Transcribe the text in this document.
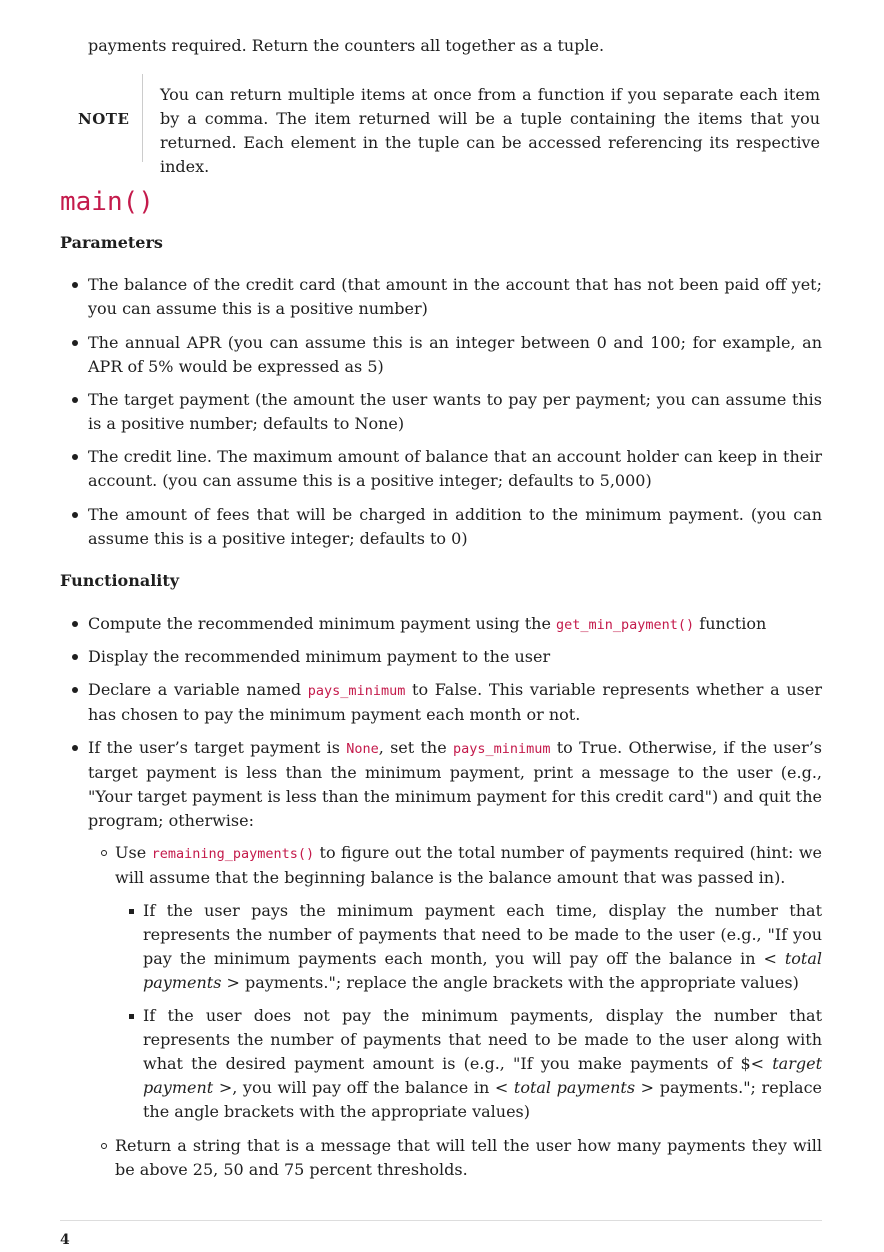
payments required. Return the counters all together as a tuple.

NOTE

You can return multiple items at once from a function if you separate each item by a comma. The item returned will be a tuple containing the items that you returned. Each element in the tuple can be accessed referencing its respective index.

main()
Parameters

The balance of the credit card (that amount in the account that has not been paid off yet; you can assume this is a positive number)

The annual APR (you can assume this is an integer between 0 and 100; for example, an APR of 5% would be expressed as 5)

The target payment (the amount the user wants to pay per payment; you can assume this is a positive number; defaults to None)

The credit line. The maximum amount of balance that an account holder can keep in their account. (you can assume this is a positive integer; defaults to 5,000)

The amount of fees that will be charged in addition to the minimum payment. (you can assume this is a positive integer; defaults to 0)

Functionality

Compute the recommended minimum payment using the get_min_payment() function

Display the recommended minimum payment to the user

Declare a variable named pays_minimum to False. This variable represents whether a user has chosen to pay the minimum payment each month or not.

If the user’s target payment is None, set the pays_minimum to True. Otherwise, if the user’s target payment is less than the minimum payment, print a message to the user (e.g., "Your target payment is less than the minimum payment for this credit card") and quit the program; otherwise:

Use remaining_payments() to figure out the total number of payments required (hint: we will assume that the beginning balance is the balance amount that was passed in).

If the user pays the minimum payment each time, display the number that represents the number of payments that need to be made to the user (e.g., "If you pay the minimum payments each month, you will pay off the balance in < total payments > payments."; replace the angle brackets with the appropriate values)

If the user does not pay the minimum payments, display the number that represents the number of payments that need to be made to the user along with what the desired payment amount is (e.g., "If you make payments of $< target payment >, you will pay off the balance in < total payments > payments."; replace the angle brackets with the appropriate values)

Return a string that is a message that will tell the user how many payments they will be above 25, 50 and 75 percent thresholds.

4
